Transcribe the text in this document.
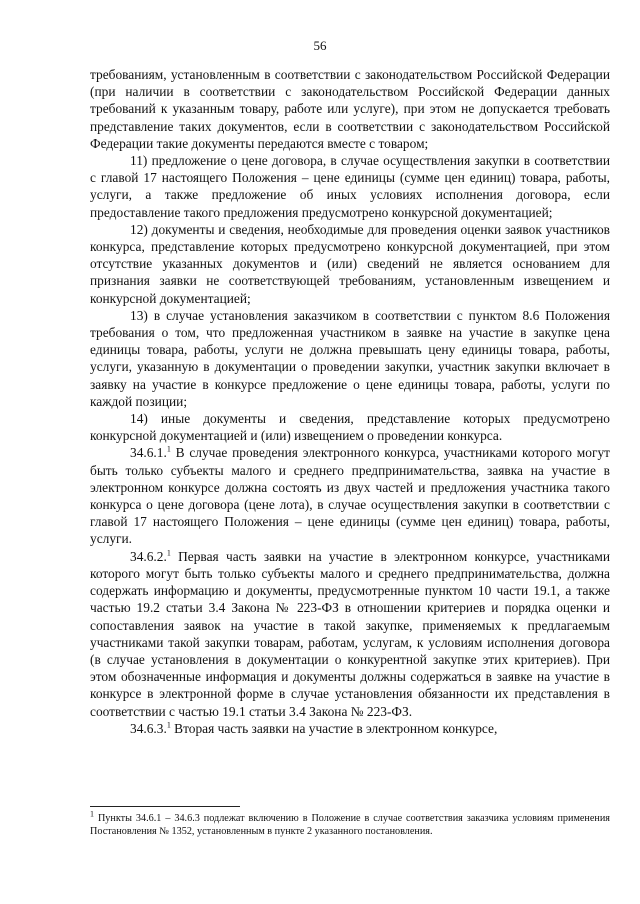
56

требованиям, установленным в соответствии с законодательством Российской Федерации (при наличии в соответствии с законодательством Российской Федерации данных требований к указанным товару, работе или услуге), при этом не допускается требовать представление таких документов, если в соответствии с законодательством Российской Федерации такие документы передаются вместе с товаром;

11) предложение о цене договора, в случае осуществления закупки в соответствии с главой 17 настоящего Положения – цене единицы (сумме цен единиц) товара, работы, услуги, а также предложение об иных условиях исполнения договора, если предоставление такого предложения предусмотрено конкурсной документацией;

12) документы и сведения, необходимые для проведения оценки заявок участников конкурса, представление которых предусмотрено конкурсной документацией, при этом отсутствие указанных документов и (или) сведений не является основанием для признания заявки не соответствующей требованиям, установленным извещением и конкурсной документацией;

13) в случае установления заказчиком в соответствии с пунктом 8.6 Положения требования о том, что предложенная участником в заявке на участие в закупке цена единицы товара, работы, услуги не должна превышать цену единицы товара, работы, услуги, указанную в документации о проведении закупки, участник закупки включает в заявку на участие в конкурсе предложение о цене единицы товара, работы, услуги по каждой позиции;

14) иные документы и сведения, представление которых предусмотрено конкурсной документацией и (или) извещением о проведении конкурса.

34.6.1.$^1$ В случае проведения электронного конкурса, участниками которого могут быть только субъекты малого и среднего предпринимательства, заявка на участие в электронном конкурсе должна состоять из двух частей и предложения участника такого конкурса о цене договора (цене лота), в случае осуществления закупки в соответствии с главой 17 настоящего Положения – цене единицы (сумме цен единиц) товара, работы, услуги.

34.6.2.$^1$ Первая часть заявки на участие в электронном конкурсе, участниками которого могут быть только субъекты малого и среднего предпринимательства, должна содержать информацию и документы, предусмотренные пунктом 10 части 19.1, а также частью 19.2 статьи 3.4 Закона № 223-ФЗ в отношении критериев и порядка оценки и сопоставления заявок на участие в такой закупке, применяемых к предлагаемым участниками такой закупки товарам, работам, услугам, к условиям исполнения договора (в случае установления в документации о конкурентной закупке этих критериев). При этом обозначенные информация и документы должны содержаться в заявке на участие в конкурсе в электронной форме в случае установления обязанности их представления в соответствии с частью 19.1 статьи 3.4 Закона № 223-ФЗ.

34.6.3.$^1$ Вторая часть заявки на участие в электронном конкурсе,

$^1$ Пункты 34.6.1 – 34.6.3 подлежат включению в Положение в случае соответствия заказчика условиям применения Постановления № 1352, установленным в пункте 2 указанного постановления.
